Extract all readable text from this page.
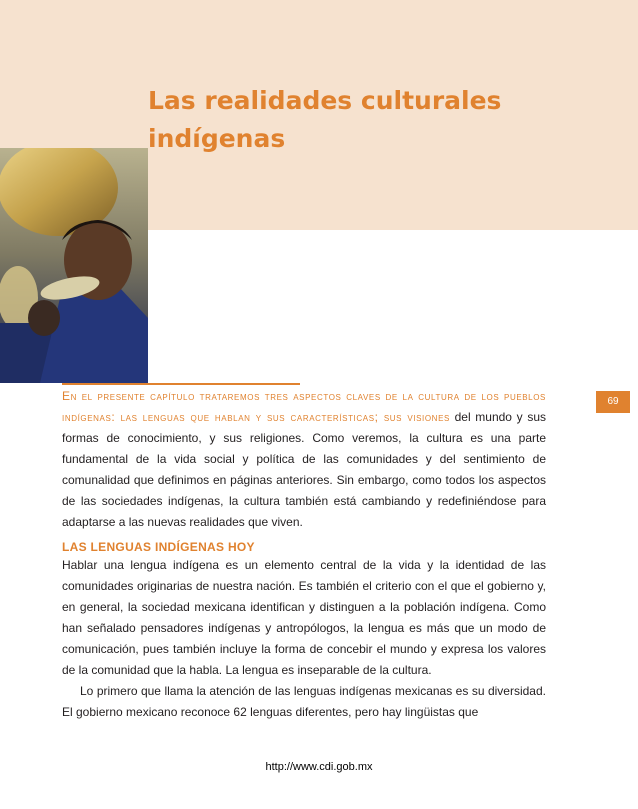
Las realidades culturales indígenas
69

En el presente capítulo trataremos tres aspectos claves de la cultura de los pueblos indígenas: las lenguas que hablan y sus características; sus visiones del mundo y sus formas de conocimiento, y sus religiones. Como veremos, la cultura es una parte fundamental de la vida social y política de las comunidades y del sentimiento de comunalidad que definimos en páginas anteriores. Sin embargo, como todos los aspectos de las sociedades indígenas, la cultura también está cambiando y redefiniéndose para adaptarse a las nuevas realidades que viven.

LAS LENGUAS INDÍGENAS HOY

Hablar una lengua indígena es un elemento central de la vida y la identidad de las comunidades originarias de nuestra nación. Es también el criterio con el que el gobierno y, en general, la sociedad mexicana identifican y distinguen a la población indígena. Como han señalado pensadores indígenas y antropólogos, la lengua es más que un modo de comunicación, pues también incluye la forma de concebir el mundo y expresa los valores de la comunidad que la habla. La lengua es inseparable de la cultura.

Lo primero que llama la atención de las lenguas indígenas mexicanas es su diversidad. El gobierno mexicano reconoce 62 lenguas diferentes, pero hay lingüistas que

http://www.cdi.gob.mx
